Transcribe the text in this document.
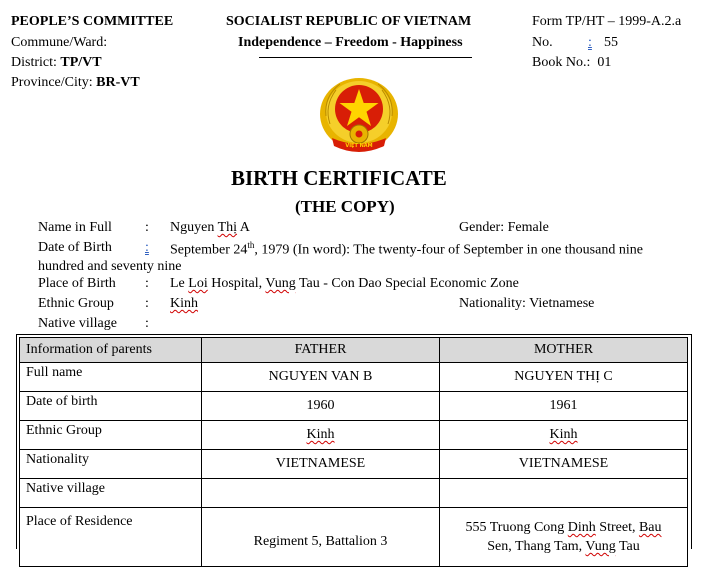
PEOPLE’S COMMITTEE
Commune/Ward:
District: TP/VT
Province/City: BR-VT
SOCIALIST REPUBLIC OF VIETNAM
Independence – Freedom - Happiness
Form TP/HT – 1999-A.2.a
No.	: 55
Book No.: 01
VIỆT NAM
BIRTH CERTIFICATE
(THE COPY)
Name in Full : Nguyen Thị A	Gender: Female
Date of Birth : September 24th, 1979 (In word): The twenty-four of September in one thousand nine
hundred and seventy nine
Place of Birth : Le Loi Hospital, Vung Tau - Con Dao Special Economic Zone
Ethnic Group : Kinh	Nationality: Vietnamese
Native village :
Information of parents	FATHER	MOTHER
Full name	NGUYEN VAN B	NGUYEN THỊ C
Date of birth	1960	1961
Ethnic Group	Kinh	Kinh
Nationality	VIETNAMESE	VIETNAMESE
Native village		
Place of Residence	Regiment 5, Battalion 3	555 Truong Cong Dinh Street, Bau
Sen, Thang Tam, Vung Tau
